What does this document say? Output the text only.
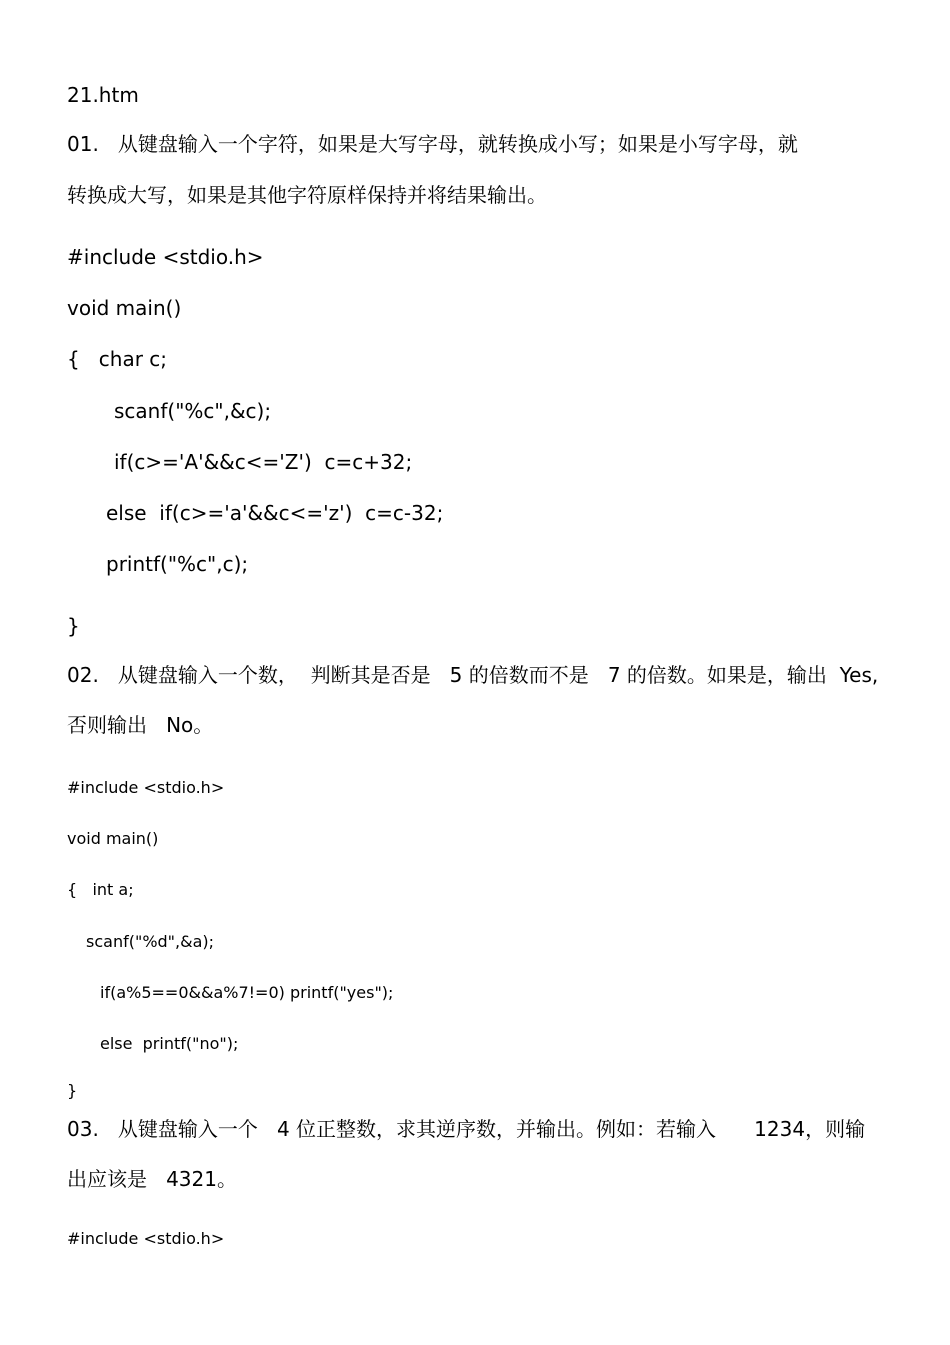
21.htm
01.   从键盘输入一个字符，如果是大写字母，就转换成小写；如果是小写字母，就
转换成大写，如果是其他字符原样保持并将结果输出。
#include <stdio.h>
void main()
{   char c;
scanf("%c",&c);
if(c>='A'&&c<='Z')  c=c+32;
else  if(c>='a'&&c<='z')  c=c-32;
printf("%c",c);
}
02.   从键盘输入一个数，  判断其是否是   5 的倍数而不是   7 的倍数。如果是，输出  Yes,
否则输出   No。
#include <stdio.h>
void main()
{   int a;
scanf("%d",&a);
if(a%5==0&&a%7!=0) printf("yes");
else  printf("no");
}
03.   从键盘输入一个   4 位正整数，求其逆序数，并输出。例如：若输入      1234，则输
出应该是   4321。
#include <stdio.h>
